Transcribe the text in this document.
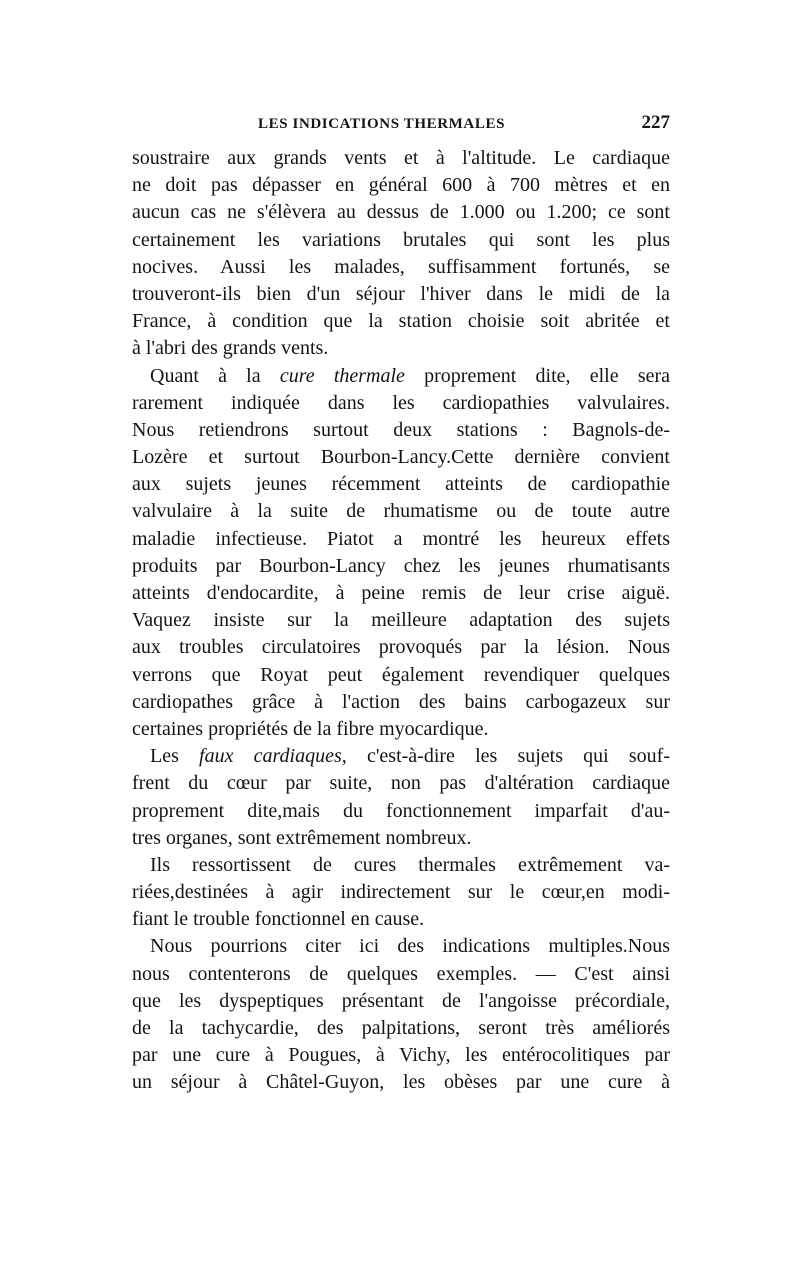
LES INDICATIONS THERMALES	227
soustraire aux grands vents et à l'altitude. Le cardiaque
ne doit pas dépasser en général 600 à 700 mètres et en
aucun cas ne s'élèvera au dessus de 1.000 ou 1.200; ce sont
certainement les variations brutales qui sont les plus
nocives. Aussi les malades, suffisamment fortunés, se
trouveront-ils bien d'un séjour l'hiver dans le midi de la
France, à condition que la station choisie soit abritée et
à l'abri des grands vents.
Quant à la cure thermale proprement dite, elle sera
rarement indiquée dans les cardiopathies valvulaires.
Nous retiendrons surtout deux stations : Bagnols-de-
Lozère et surtout Bourbon-Lancy.Cette dernière convient
aux sujets jeunes récemment atteints de cardiopathie
valvulaire à la suite de rhumatisme ou de toute autre
maladie infectieuse. Piatot a montré les heureux effets
produits par Bourbon-Lancy chez les jeunes rhumatisants
atteints d'endocardite, à peine remis de leur crise aiguë.
Vaquez insiste sur la meilleure adaptation des sujets
aux troubles circulatoires provoqués par la lésion. Nous
verrons que Royat peut également revendiquer quelques
cardiopathes grâce à l'action des bains carbogazeux sur
certaines propriétés de la fibre myocardique.
Les faux cardiaques, c'est-à-dire les sujets qui souf-
frent du cœur par suite, non pas d'altération cardiaque
proprement dite,mais du fonctionnement imparfait d'au-
tres organes, sont extrêmement nombreux.
Ils ressortissent de cures thermales extrêmement va-
riées,destinées à agir indirectement sur le cœur,en modi-
fiant le trouble fonctionnel en cause.
Nous pourrions citer ici des indications multiples.Nous
nous contenterons de quelques exemples. — C'est ainsi
que les dyspeptiques présentant de l'angoisse précordiale,
de la tachycardie, des palpitations, seront très améliorés
par une cure à Pougues, à Vichy, les entérocolitiques par
un séjour à Châtel-Guyon, les obèses par une cure à
